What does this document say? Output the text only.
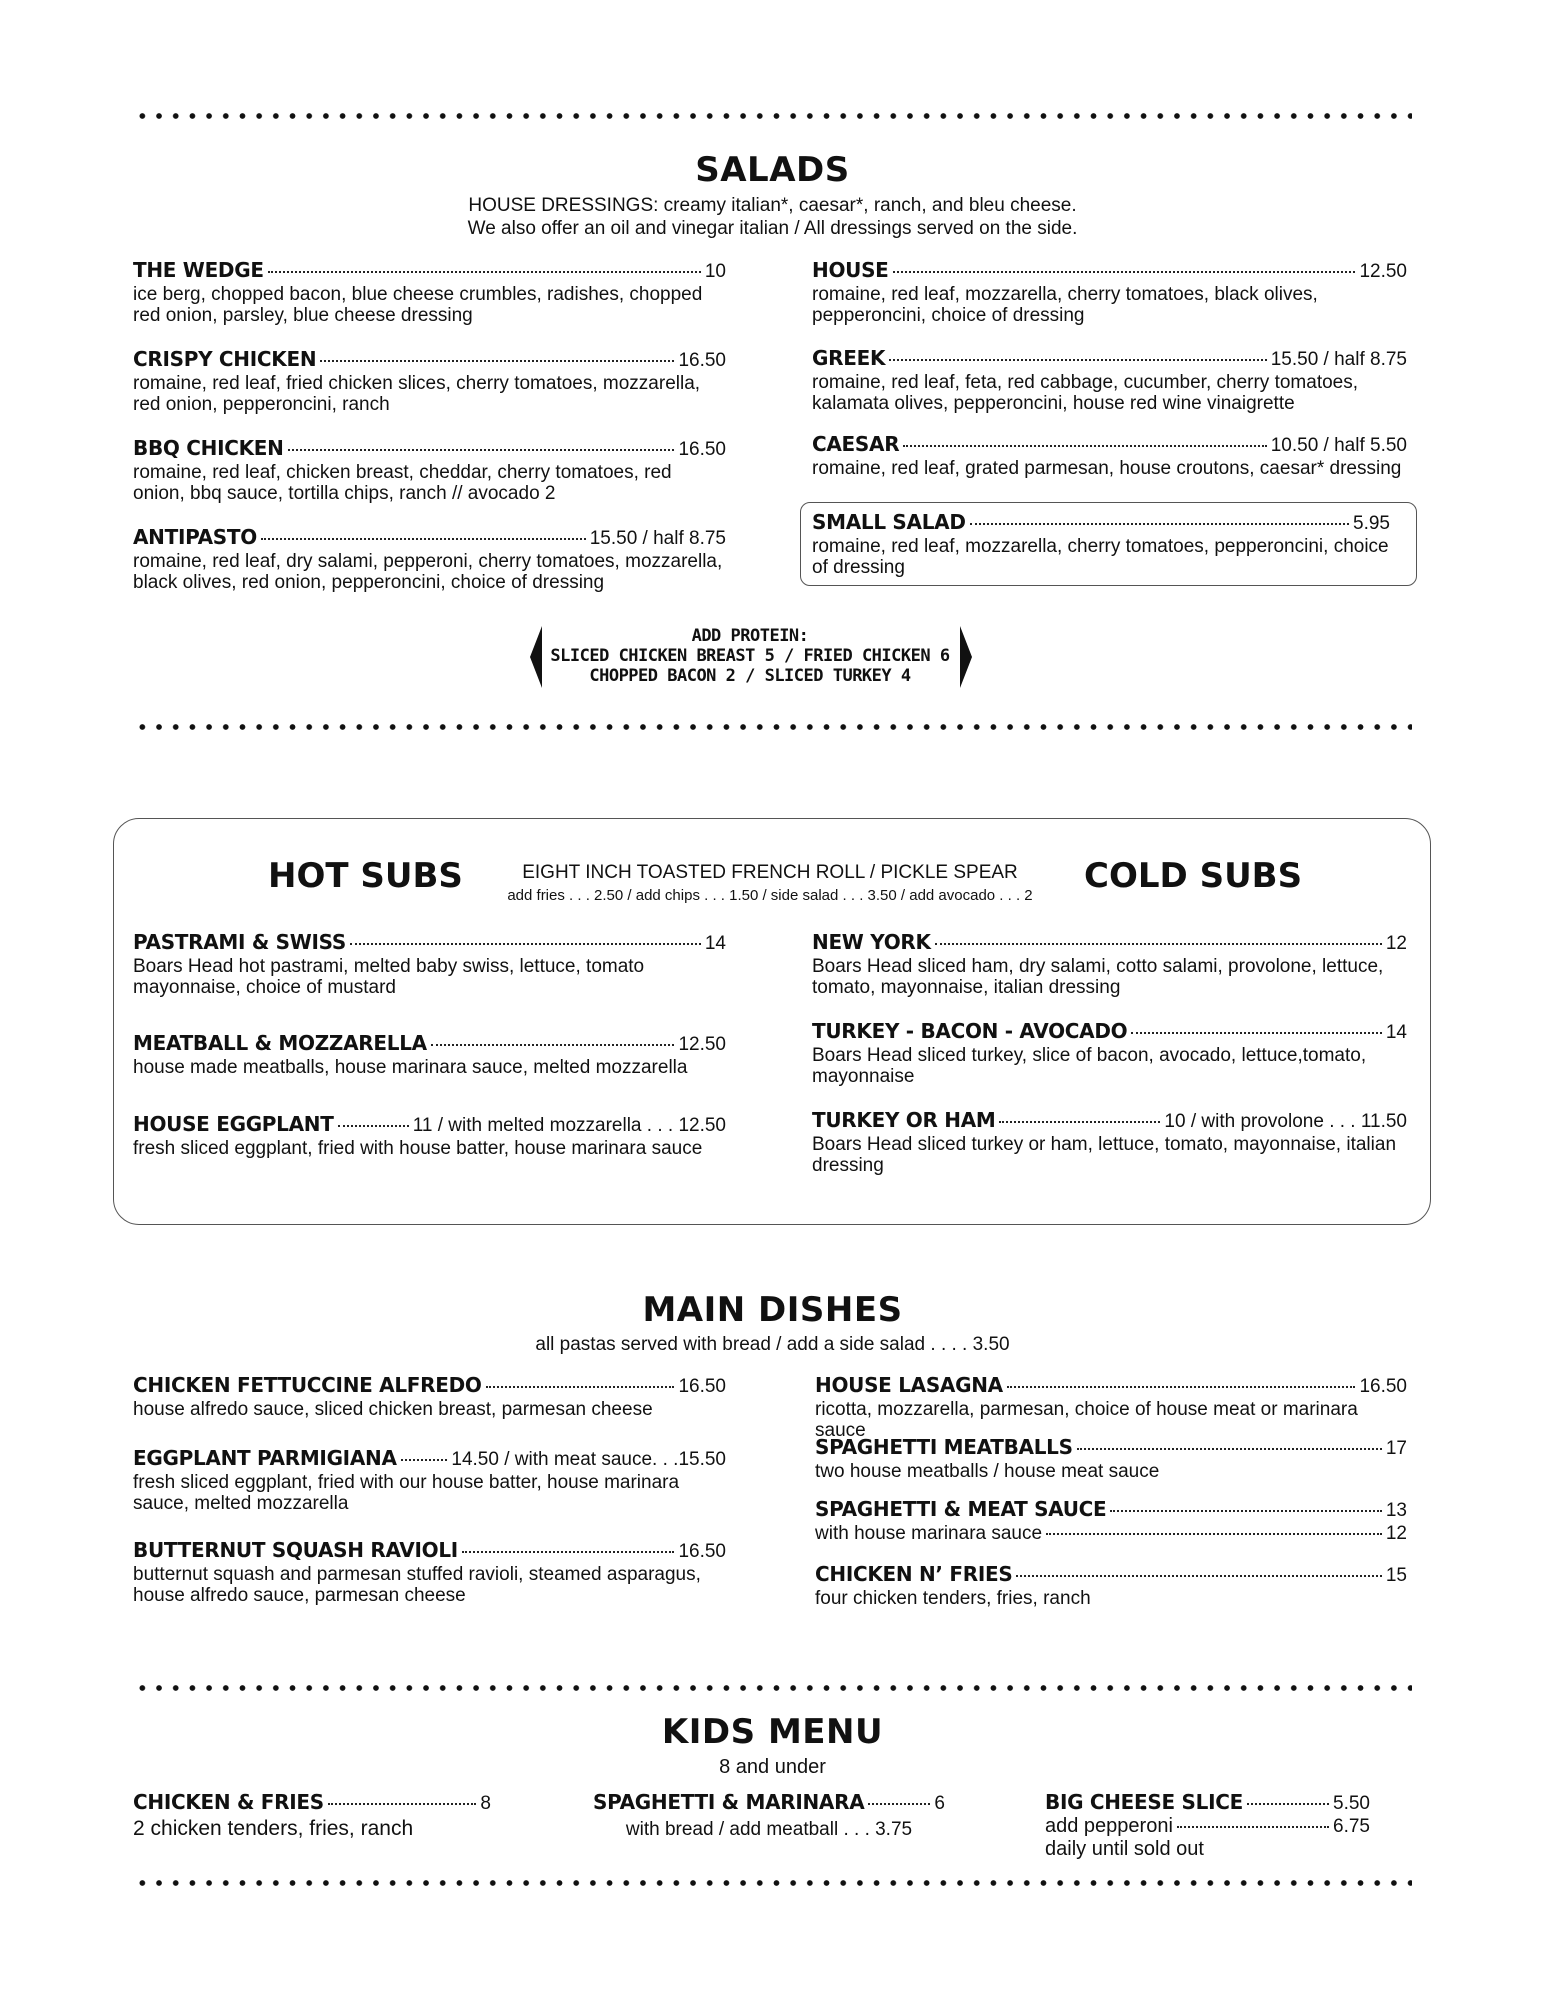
SALADS
HOUSE DRESSINGS: creamy italian*, caesar*, ranch, and bleu cheese.
We also offer an oil and vinegar italian / All dressings served on the side.
THE WEDGE	10
ice berg, chopped bacon, blue cheese crumbles, radishes, chopped red onion, parsley, blue cheese dressing
CRISPY CHICKEN	16.50
romaine, red leaf, fried chicken slices, cherry tomatoes, mozzarella, red onion, pepperoncini, ranch
BBQ CHICKEN	16.50
romaine, red leaf, chicken breast, cheddar, cherry tomatoes, red onion, bbq sauce, tortilla chips, ranch // avocado 2
ANTIPASTO	15.50 / half 8.75
romaine, red leaf, dry salami, pepperoni, cherry tomatoes, mozzarella, black olives, red onion, pepperoncini, choice of dressing
HOUSE	12.50
romaine, red leaf, mozzarella, cherry tomatoes, black olives, pepperoncini, choice of dressing
GREEK	15.50 / half 8.75
romaine, red leaf, feta, red cabbage, cucumber, cherry tomatoes, kalamata olives, pepperoncini, house red wine vinaigrette
CAESAR	10.50 / half 5.50
romaine, red leaf, grated parmesan, house croutons, caesar* dressing
SMALL SALAD	5.95
romaine, red leaf, mozzarella, cherry tomatoes, pepperoncini, choice of dressing
ADD PROTEIN:
SLICED CHICKEN BREAST 5 / FRIED CHICKEN 6
CHOPPED BACON 2 / SLICED TURKEY 4
HOT SUBS	COLD SUBS
EIGHT INCH TOASTED FRENCH ROLL / PICKLE SPEAR
add fries . . . 2.50 / add chips . . . 1.50 / side salad . . . 3.50 / add avocado . . . 2
PASTRAMI & SWISS	14
Boars Head hot pastrami, melted baby swiss, lettuce, tomato mayonnaise, choice of mustard
MEATBALL & MOZZARELLA	12.50
house made meatballs, house marinara sauce, melted mozzarella
HOUSE EGGPLANT	11 / with melted mozzarella . . . 12.50
fresh sliced eggplant, fried with house batter, house marinara sauce
NEW YORK	12
Boars Head sliced ham, dry salami, cotto salami, provolone, lettuce, tomato, mayonnaise, italian dressing
TURKEY - BACON - AVOCADO	14
Boars Head sliced turkey, slice of bacon, avocado, lettuce,tomato, mayonnaise
TURKEY OR HAM	10 / with provolone . . . 11.50
Boars Head sliced turkey or ham, lettuce, tomato, mayonnaise, italian dressing
MAIN DISHES
all pastas served with bread / add a side salad . . . . 3.50
CHICKEN FETTUCCINE ALFREDO	16.50
house alfredo sauce, sliced chicken breast, parmesan cheese
EGGPLANT PARMIGIANA	14.50 / with meat sauce. . .15.50
fresh sliced eggplant, fried with our house batter, house marinara sauce, melted mozzarella
BUTTERNUT SQUASH RAVIOLI	16.50
butternut squash and parmesan stuffed ravioli, steamed asparagus, house alfredo sauce, parmesan cheese
HOUSE LASAGNA	16.50
ricotta, mozzarella, parmesan, choice of house meat or marinara sauce
SPAGHETTI MEATBALLS	17
two house meatballs / house meat sauce
SPAGHETTI & MEAT SAUCE	13
with house marinara sauce	12
CHICKEN N’ FRIES	15
four chicken tenders, fries, ranch
KIDS MENU
8 and under
CHICKEN & FRIES	8
2 chicken tenders, fries, ranch
SPAGHETTI & MARINARA	6
with bread / add meatball . . . 3.75
BIG CHEESE SLICE	5.50
add pepperoni	6.75
daily until sold out
